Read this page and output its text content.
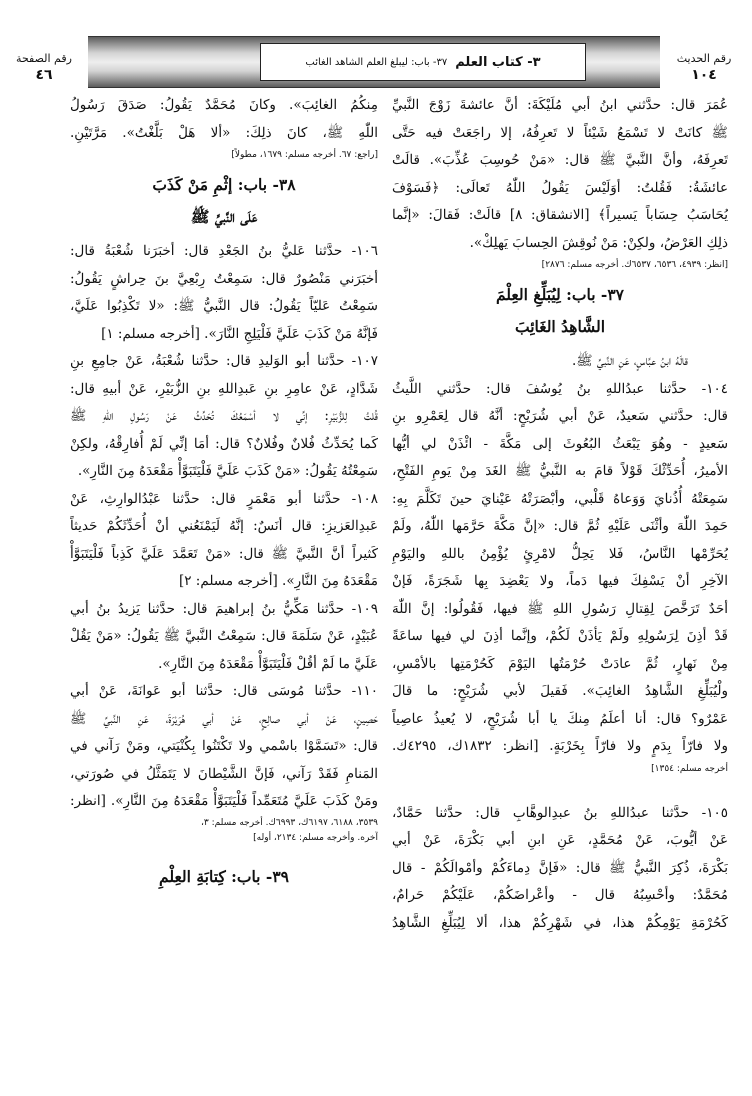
رقم الحديث
١٠٤
رقم الصفحة
٤٦
٣- كتاب العلم
٣٧- باب: ليبلغ العلم الشاهد الغائب

عُمَرَ قال: حدَّثني ابنُ أبي مُلَيْكَةَ: أنَّ عائشةَ زَوْجَ النَّبيِّ

ﷺ كانَتْ لا تَسْمَعُ شَيْئاً لا تَعرِفُهُ، إلا راجَعَتْ فيه حَتَّى

تَعرِفَهُ، وأنَّ النَّبيَّ ﷺ قال: «مَنْ حُوسِبَ عُذِّبَ». قالَتْ

عائشَةُ: فَقُلتُ: أوَلَيْسَ يَقُولُ اللّٰهُ تَعالَى: ﴿فَسَوْفَ

يُحَاسَبُ حِسَاباً يَسيراً﴾ [الانشقاق: ٨] قالَتْ: فَقالَ: «إنَّما

ذلِكِ العَرْضُ، ولكِنْ: مَنْ نُوقِشَ الحِسابَ يَهلِكْ».

[انظر: ٤٩٣٩، ٦٥٣٦، ٦٥٣٧ك. أخرجه مسلم: ٢٨٧٦]

٣٧- باب: لِيُبَلِّغِ العِلْمَ
الشَّاهِدُ الغَائِبَ

قالَهُ ابنُ عبَّاسٍ، عَنِ النَّبيِّ ﷺ.

١٠٤- حدَّثنا عبدُاللهِ بنُ يُوسُفَ قال: حدَّثني اللَّيثُ

قال: حدَّثني سَعيدٌ، عَنْ أبي شُرَيْحٍ: أنَّهُ قال لِعَمْرِو بنِ

سَعيدٍ - وهُوَ يَبْعَثُ البُعُوثَ إلى مَكَّةَ - ائْذَنْ لي أيُّها

الأميرُ، أُحَدِّثْكَ قَوْلاً قامَ به النَّبيُّ ﷺ الغَدَ مِنْ يَومِ الفَتْحِ،

سَمِعَتْهُ أُذُنايَ وَوَعاهُ قَلْبي، وأبْصَرَتْهُ عَيْنايَ حينَ تَكَلَّمَ بِهِ:

حَمِدَ اللّٰهَ وأثْنَى عَلَيْهِ ثُمَّ قال: «إنَّ مَكَّةَ حَرَّمَها اللّٰهُ، ولَمْ

يُحَرِّمْها النَّاسُ، فَلا يَحِلُّ لامْرِئٍ يُؤْمِنُ باللهِ واليَوْمِ

الآخِرِ أنْ يَسْفِكَ فيها دَماً، ولا يَعْضِدَ بِها شَجَرَةً، فَإنْ

أحَدٌ تَرَخَّصَ لِقِتالِ رَسُولِ اللهِ ﷺ فيها، فَقُولُوا: إنَّ اللّٰهَ

قَدْ أذِنَ لِرَسُولِهِ ولَمْ يَأذَنْ لَكُمْ، وإنَّما أذِنَ لي فيها ساعَةً

مِنْ نَهارٍ، ثُمَّ عادَتْ حُرْمَتُها اليَوْمَ كَحُرْمَتِها بالأمْسِ،

ولْيُبَلِّغِ الشَّاهِدُ الغائِبَ». فَقيلَ لأبي شُرَيْحٍ: ما قالَ

عَمْرٌو؟ قال: أنا أعلَمُ مِنكَ يا أبا شُرَيْحٍ، لا يُعيذُ عاصِياً

ولا فارّاً بِدَمٍ ولا فارّاً بِخَرْبَةٍ. [انظر: ١٨٣٢ك، ٤٢٩٥ك.

أخرجه مسلم: ١٣٥٤]

١٠٥- حدَّثنا عبدُاللهِ بنُ عبدِالوهَّابِ قال: حدَّثنا حَمَّادٌ،

عَنْ أيُّوبَ، عَنْ مُحَمَّدٍ، عَنِ ابنِ أبي بَكْرَةَ، عَنْ أبي

بَكْرَةَ، ذُكِرَ النَّبيُّ ﷺ قال: «فَإنَّ دِماءَكُمْ وأمْوالَكُمْ - قال

مُحَمَّدٌ: وأحْسِبُهُ قال - وأعْراضَكُمْ، عَلَيْكُمْ حَرامٌ،

كَحُرْمَةِ يَوْمِكُمْ هذا، في شَهْرِكُمْ هذا، ألا لِيُبَلِّغِ الشَّاهِدُ

مِنكُمُ الغائِبَ». وكانَ مُحَمَّدٌ يَقُولُ: صَدَقَ رَسُولُ

اللّٰهِ ﷺ، كانَ ذلِكَ: «ألا هَلْ بَلَّغْتُ». مَرَّتَيْنِ.

[راجع: ٦٧. أخرجه مسلم: ١٦٧٩، مطولاً]

٣٨- باب: إثْمِ مَنْ كَذَبَ
عَلَى النَّبيِّ ﷺ

١٠٦- حدَّثنا عَليُّ بنُ الجَعْدِ قال: أخبَرَنا شُعْبَةُ قال:

أخبَرَني مَنْصُورٌ قال: سَمِعْتُ رِبْعِيَّ بنَ حِراشٍ يَقُولُ:

سَمِعْتُ عَليّاً يَقُولُ: قال النَّبيُّ ﷺ: «لا تَكْذِبُوا عَلَيَّ،

فَإنَّهُ مَنْ كَذَبَ عَلَيَّ فَلْيَلِجِ النَّارَ». [أخرجه مسلم: ١]

١٠٧- حدَّثنا أبو الوَليدِ قال: حدَّثنا شُعْبَةُ، عَنْ جامِعِ بنِ

شَدَّادٍ، عَنْ عامِرِ بنِ عَبدِاللهِ بنِ الزُّبَيْرِ، عَنْ أبيهِ قال:

قُلتُ لِلزُّبَيْرِ: إنِّي لا أسْمَعُكَ تُحَدِّثُ عَنْ رَسُولِ اللهِ ﷺ

كَما يُحَدِّثُ فُلانٌ وفُلانٌ؟ قال: أمَا إنِّي لَمْ أُفارِقْهُ، ولكِنْ

سَمِعْتُهُ يَقُولُ: «مَنْ كَذَبَ عَلَيَّ فَلْيَتَبَوَّأْ مَقْعَدَهُ مِنَ النَّارِ».

١٠٨- حدَّثنا أبو مَعْمَرٍ قال: حدَّثنا عَبْدُالوارِثِ، عَنْ

عَبدِالعَزيزِ: قال أنَسٌ: إنَّهُ لَيَمْنَعُني أنْ أُحَدِّثَكُمْ حَديثاً

كَثيراً أنَّ النَّبيَّ ﷺ قال: «مَنْ تَعَمَّدَ عَلَيَّ كَذِباً فَلْيَتَبَوَّأْ

مَقْعَدَهُ مِنَ النَّارِ». [أخرجه مسلم: ٢]

١٠٩- حدَّثنا مَكِّيُّ بنُ إبراهيمَ قال: حدَّثنا يَزيدُ بنُ أبي

عُبَيْدٍ، عَنْ سَلَمَةَ قال: سَمِعْتُ النَّبيَّ ﷺ يَقُولُ: «مَنْ يَقُلْ

عَلَيَّ ما لَمْ أقُلْ فَلْيَتَبَوَّأْ مَقْعَدَهُ مِنَ النَّارِ».

١١٠- حدَّثنا مُوسَى قال: حدَّثنا أبو عَوانَةَ، عَنْ أبي

حَصِينٍ، عَنْ أبي صالِحٍ، عَنْ أبي هُرَيْرَةَ، عَنِ النَّبيِّ ﷺ

قال: «تَسَمَّوْا باسْمي ولا تَكْتَنُوا بِكُنْيَتي، ومَنْ رَآني في

المَنامِ فَقَدْ رَآني، فَإنَّ الشَّيْطانَ لا يَتَمَثَّلُ في صُورَتي،

ومَنْ كَذَبَ عَلَيَّ مُتَعَمِّداً فَلْيَتَبَوَّأْ مَقْعَدَهُ مِنَ النَّارِ». [انظر:

٣٥٣٩، ٦١٨٨، ٦١٩٧ك، ٦٩٩٣ك. أخرجه مسلم: ٣،

آخره. وأخرجه مسلم: ٢١٣٤، أوله]

٣٩- باب: كِتابَةِ العِلْمِ
